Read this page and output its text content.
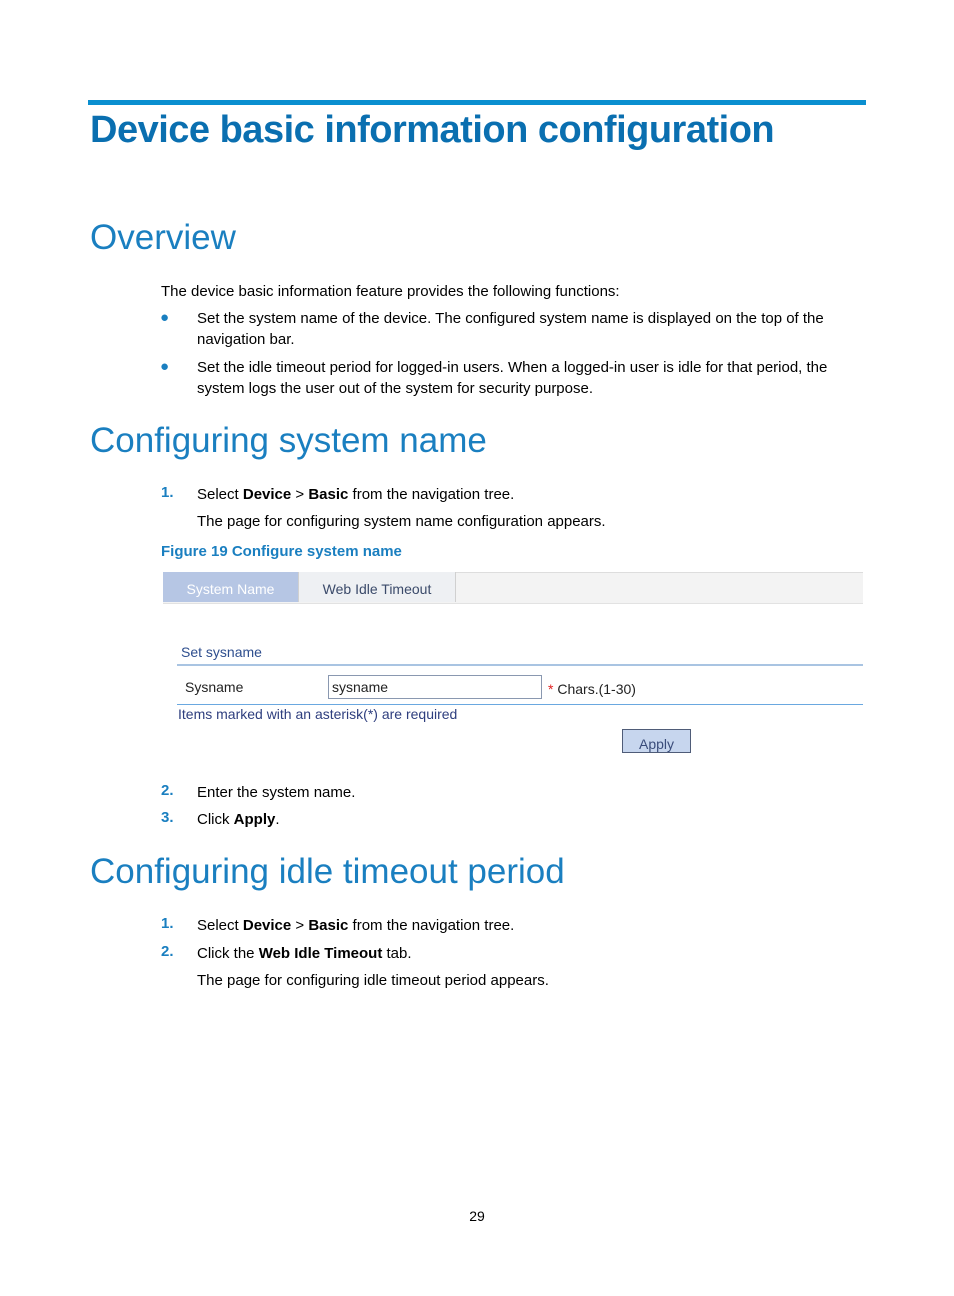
Device basic information configuration
Overview
The device basic information feature provides the following functions:
● Set the system name of the device. The configured system name is displayed on the top of the
navigation bar.
● Set the idle timeout period for logged-in users. When a logged-in user is idle for that period, the
system logs the user out of the system for security purpose.
Configuring system name
1. Select Device > Basic from the navigation tree.
The page for configuring system name configuration appears.
Figure 19 Configure system name
System Name	Web Idle Timeout
Set sysname
Sysname	sysname	* Chars.(1-30)
Items marked with an asterisk(*) are required
Apply
2. Enter the system name.
3. Click Apply.
Configuring idle timeout period
1. Select Device > Basic from the navigation tree.
2. Click the Web Idle Timeout tab.
The page for configuring idle timeout period appears.
29
